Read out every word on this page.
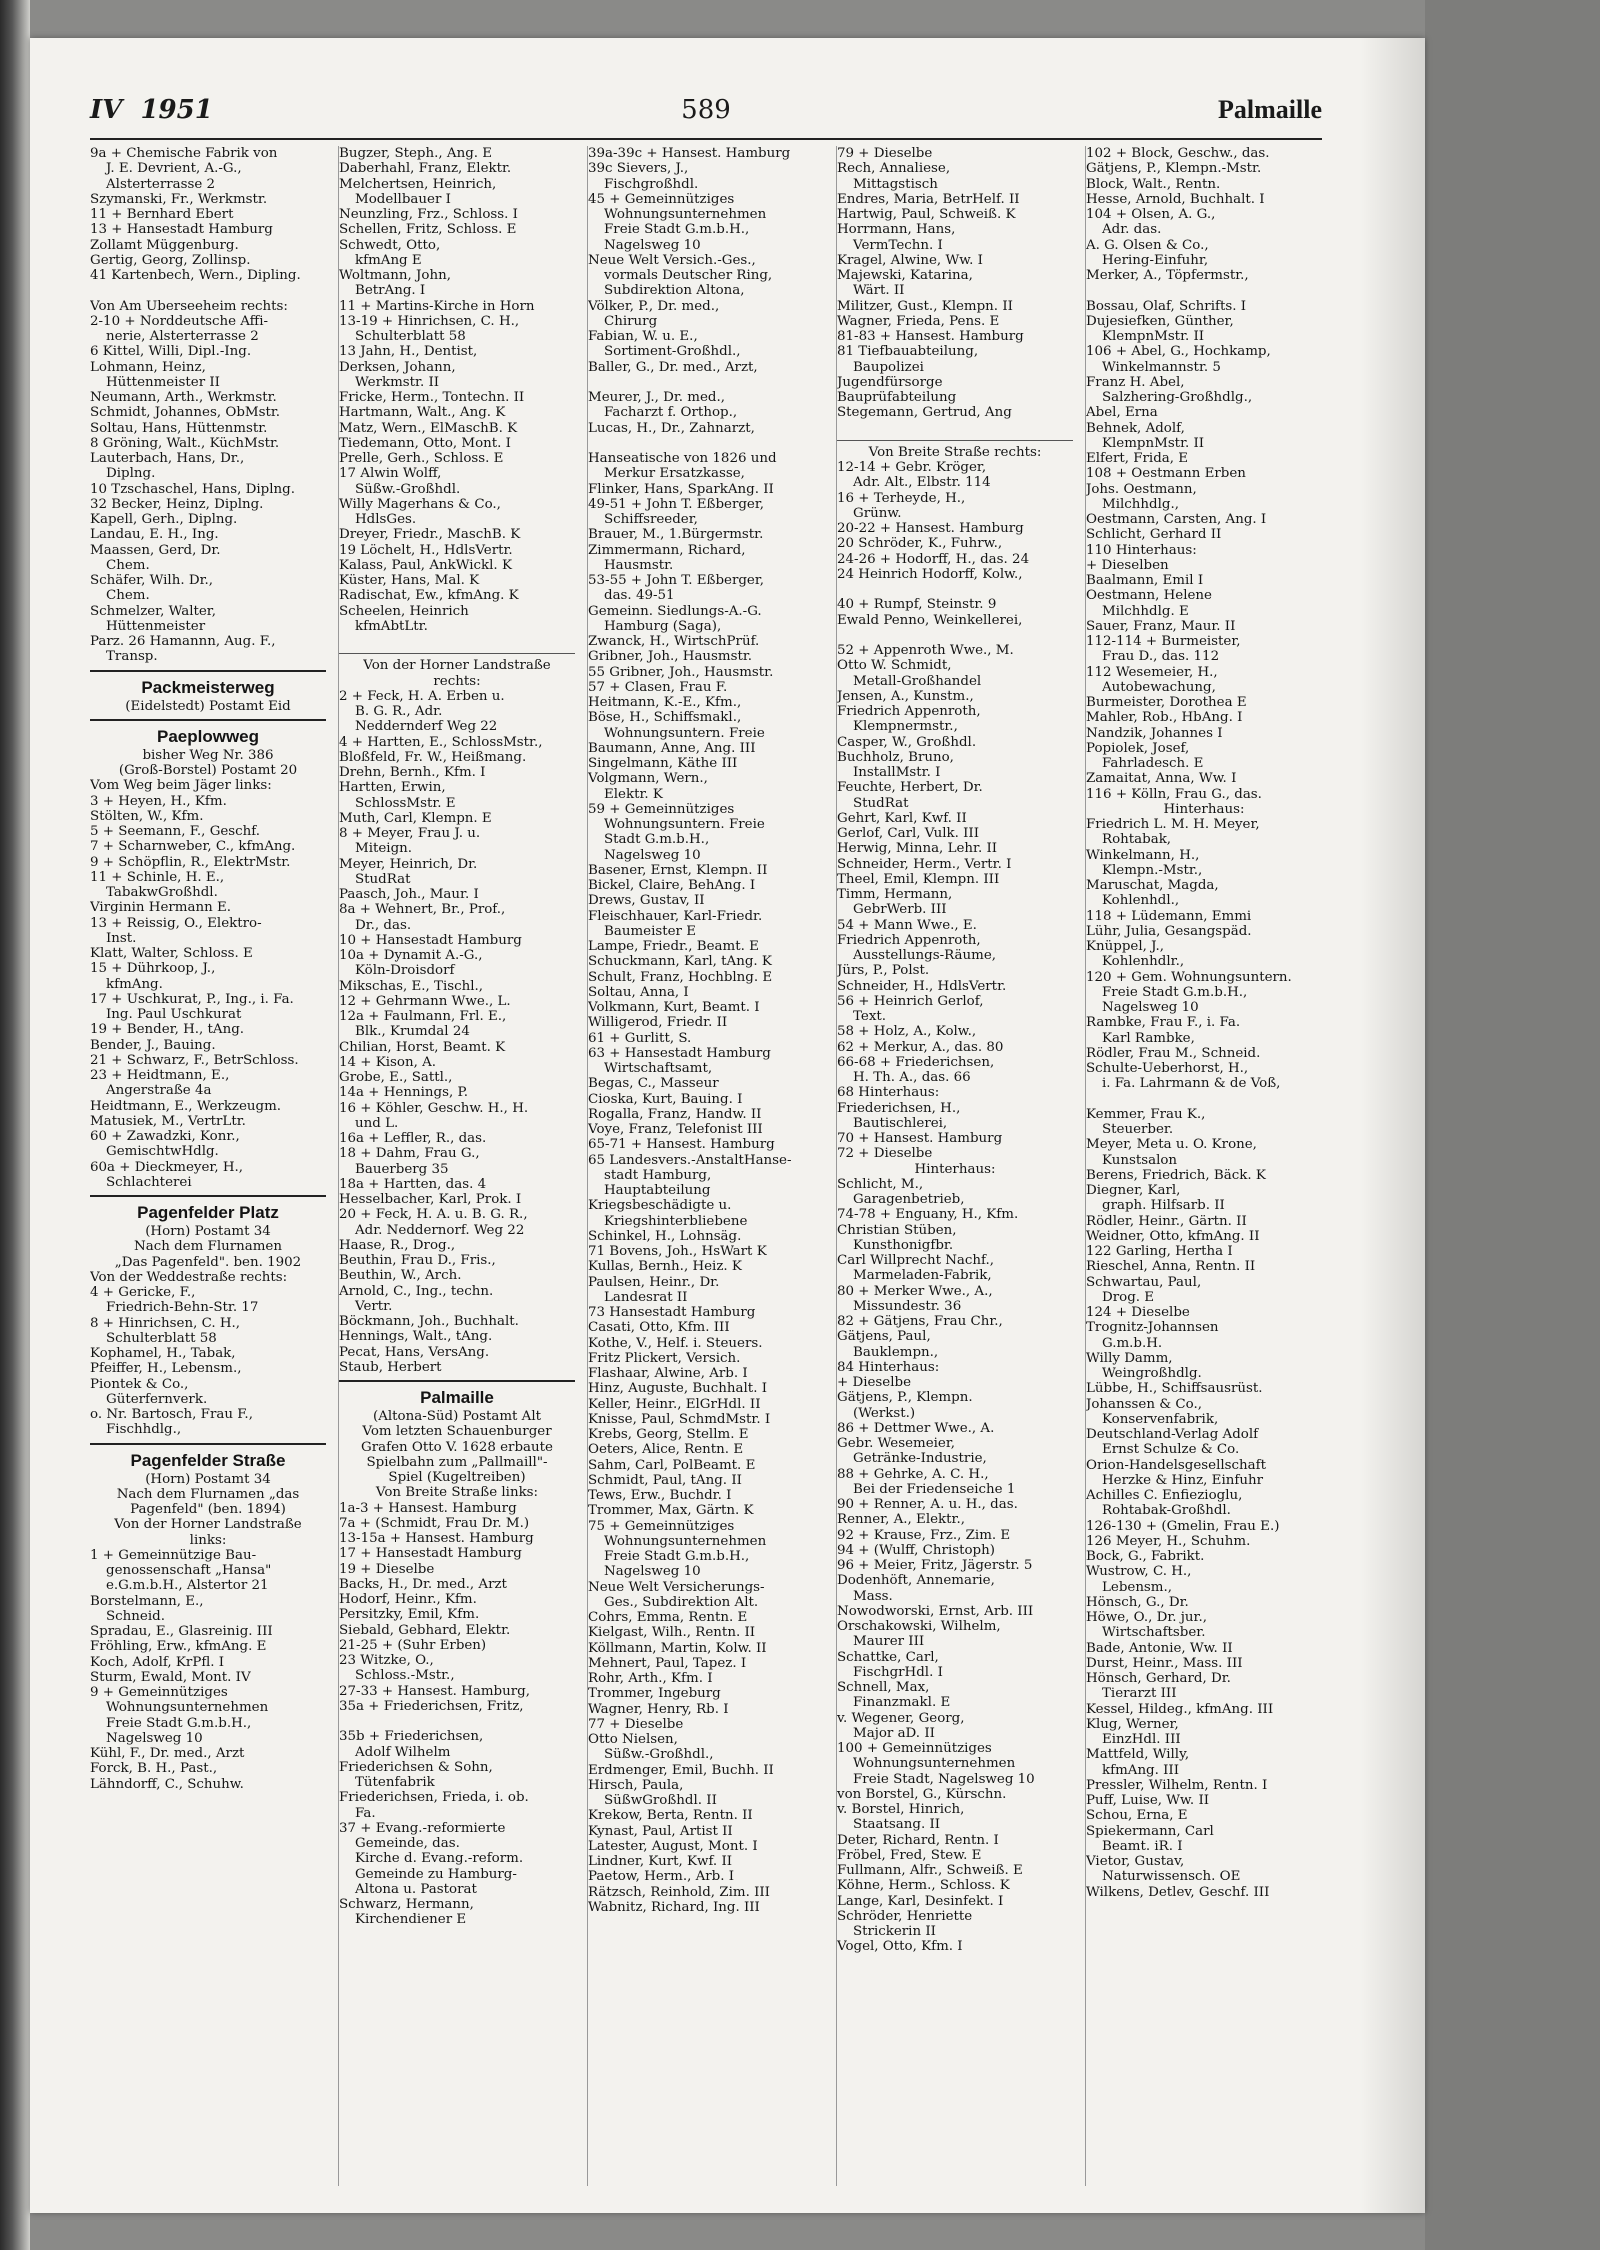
IV 1951	589	Palmaille
9a + Chemische Fabrik von
J. E. Devrient, A.-G.,
Alsterterrasse 2
Szymanski, Fr., Werkmstr.
11 + Bernhard Ebert
13 + Hansestadt Hamburg
Zollamt Müggenburg.
Gertig, Georg, Zollinsp.
41 Kartenbech, Wern., Dipling.

Von Am Überseeheim rechts:
2-10 + Norddeutsche Affi-
nerie, Alsterterrasse 2
6 Kittel, Willi, Dipl.-Ing.
Lohmann, Heinz,
Hüttenmeister II
Neumann, Arth., Werkmstr.
Schmidt, Johannes, ObMstr.
Soltau, Hans, Hüttenmstr.
8 Gröning, Walt., KüchMstr.
Lauterbach, Hans, Dr.,
Diplng.
10 Tzschaschel, Hans, Diplng.
32 Becker, Heinz, Diplng.
Kapell, Gerh., Diplng.
Landau, E. H., Ing.
Maassen, Gerd, Dr.
Chem.
Schäfer, Wilh. Dr.,
Chem.
Schmelzer, Walter,
Hüttenmeister
Parz. 26 Hamannn, Aug. F.,
Transp.
Packmeisterweg
(Eidelstedt) Postamt Eid
Paeplowweg
bisher Weg Nr. 386
(Groß-Borstel) Postamt 20
Vom Weg beim Jäger links:
3 + Heyen, H., Kfm.
Stölten, W., Kfm.
5 + Seemann, F., Geschf.
7 + Scharnweber, C., kfmAng.
9 + Schöpflin, R., ElektrMstr.
11 + Schinle, H. E.,
TabakwGroßhdl.
Virginin Hermann E.
13 + Reissig, O., Elektro-
Inst.
Klatt, Walter, Schloss. E
15 + Dührkoop, J.,
kfmAng.
17 + Uschkurat, P., Ing., i. Fa.
Ing. Paul Uschkurat
19 + Bender, H., tAng.
Bender, J., Bauing.
21 + Schwarz, F., BetrSchloss.
23 + Heidtmann, E.,
Angerstraße 4a
Heidtmann, E., Werkzeugm.
Matusiek, M., VertrLtr.
60 + Zawadzki, Konr.,
GemischtwHdlg.
60a + Dieckmeyer, H.,
Schlachterei
Pagenfelder Platz
(Horn) Postamt 34
Nach dem Flurnamen
„Das Pagenfeld". ben. 1902
Von der Weddestraße rechts:
4 + Gericke, F.,
Friedrich-Behn-Str. 17
8 + Hinrichsen, C. H.,
Schulterblatt 58
Kophamel, H., Tabak,
Pfeiffer, H., Lebensm.,
Piontek & Co.,
Güterfernverk.
o. Nr. Bartosch, Frau F.,
Fischhdlg.,
Pagenfelder Straße
(Horn) Postamt 34
Nach dem Flurnamen „das
Pagenfeld" (ben. 1894)
Von der Horner Landstraße
links:
1 + Gemeinnützige Bau-
genossenschaft „Hansa"
e.G.m.b.H., Alstertor 21
Borstelmann, E.,
Schneid.
Spradau, E., Glasreinig. III
Fröhling, Erw., kfmAng. E
Koch, Adolf, KrPfl. I
Sturm, Ewald, Mont. IV
9 + Gemeinnütziges
Wohnungsunternehmen
Freie Stadt G.m.b.H.,
Nagelsweg 10
Kühl, F., Dr. med., Arzt
Forck, B. H., Past.,
Lähndorff, C., Schuhw.
Bugzer, Steph., Ang. E
Daberhahl, Franz, Elektr.
Melchertsen, Heinrich,
Modellbauer I
Neunzling, Frz., Schloss. I
Schellen, Fritz, Schloss. E
Schwedt, Otto,
kfmAng E
Woltmann, John,
BetrAng. I
11 + Martins-Kirche in Horn
13-19 + Hinrichsen, C. H.,
Schulterblatt 58
13 Jahn, H., Dentist,
Derksen, Johann,
Werkmstr. II
Fricke, Herm., Tontechn. II
Hartmann, Walt., Ang. K
Matz, Wern., ElMaschB. K
Tiedemann, Otto, Mont. I
Prelle, Gerh., Schloss. E
17 Alwin Wolff,
Süßw.-Großhdl.
Willy Magerhans & Co.,
HdlsGes.
Dreyer, Friedr., MaschB. K
19 Löchelt, H., HdlsVertr.
Kalass, Paul, AnkWickl. K
Küster, Hans, Mal. K
Radischat, Ew., kfmAng. K
Scheelen, Heinrich
kfmAbtLtr.

Von der Horner Landstraße
rechts:
2 + Feck, H. A. Erben u.
B. G. R., Adr.
Neddernderf Weg 22
4 + Hartten, E., SchlossMstr.,
Bloßfeld, Fr. W., Heißmang.
Drehn, Bernh., Kfm. I
Hartten, Erwin,
SchlossMstr. E
Muth, Carl, Klempn. E
8 + Meyer, Frau J. u.
Miteign.
Meyer, Heinrich, Dr.
StudRat
Paasch, Joh., Maur. I
8a + Wehnert, Br., Prof.,
Dr., das.
10 + Hansestadt Hamburg
10a + Dynamit A.-G.,
Köln-Droisdorf
Mikschas, E., Tischl.,
12 + Gehrmann Wwe., L.
12a + Faulmann, Frl. E.,
Blk., Krumdal 24
Chilian, Horst, Beamt. K
14 + Kison, A.
Grobe, E., Sattl.,
14a + Hennings, P.
16 + Köhler, Geschw. H., H.
und L.
16a + Leffler, R., das.
18 + Dahm, Frau G.,
Bauerberg 35
18a + Hartten, das. 4
Hesselbacher, Karl, Prok. I
20 + Feck, H. A. u. B. G. R.,
Adr. Neddernorf. Weg 22
Haase, R., Drog.,
Beuthin, Frau D., Fris.,
Beuthin, W., Arch.
Arnold, C., Ing., techn.
Vertr.
Böckmann, Joh., Buchhalt.
Hennings, Walt., tAng.
Pecat, Hans, VersAng.
Staub, Herbert
Palmaille
(Altona-Süd) Postamt Alt
Vom letzten Schauenburger
Grafen Otto V. 1628 erbaute
Spielbahn zum „Pallmaill"-
Spiel (Kugeltreiben)
Von Breite Straße links:
1a-3 + Hansest. Hamburg
7a + (Schmidt, Frau Dr. M.)
13-15a + Hansest. Hamburg
17 + Hansestadt Hamburg
19 + Dieselbe
Backs, H., Dr. med., Arzt
Hodorf, Heinr., Kfm.
Persitzky, Emil, Kfm.
Siebald, Gebhard, Elektr.
21-25 + (Suhr Erben)
23 Witzke, O.,
Schloss.-Mstr.,
27-33 + Hansest. Hamburg,
35a + Friederichsen, Fritz,

35b + Friederichsen,
Adolf Wilhelm
Friederichsen & Sohn,
Tütenfabrik
Friederichsen, Frieda, i. ob.
Fa.
37 + Evang.-reformierte
Gemeinde, das.
Kirche d. Evang.-reform.
Gemeinde zu Hamburg-
Altona u. Pastorat
Schwarz, Hermann,
Kirchendiener E
39a-39c + Hansest. Hamburg
39c Sievers, J.,
Fischgroßhdl.
45 + Gemeinnütziges
Wohnungsunternehmen
Freie Stadt G.m.b.H.,
Nagelsweg 10
Neue Welt Versich.-Ges.,
vormals Deutscher Ring,
Subdirektion Altona,
Völker, P., Dr. med.,
Chirurg
Fabian, W. u. E.,
Sortiment-Großhdl.,
Baller, G., Dr. med., Arzt,

Meurer, J., Dr. med.,
Facharzt f. Orthop.,
Lucas, H., Dr., Zahnarzt,

Hanseatische von 1826 und
Merkur Ersatzkasse,
Flinker, Hans, SparkAng. II
49-51 + John T. Eßberger,
Schiffsreeder,
Brauer, M., 1.Bürgermstr.
Zimmermann, Richard,
Hausmstr.
53-55 + John T. Eßberger,
das. 49-51
Gemeinn. Siedlungs-A.-G.
Hamburg (Saga),
Zwanck, H., WirtschPrüf.
Gribner, Joh., Hausmstr.
55 Gribner, Joh., Hausmstr.
57 + Clasen, Frau F.
Heitmann, K.-E., Kfm.,
Böse, H., Schiffsmakl.,
Wohnungsuntern. Freie
Baumann, Anne, Ang. III
Singelmann, Käthe III
Volgmann, Wern.,
Elektr. K
59 + Gemeinnütziges
Wohnungsuntern. Freie
Stadt G.m.b.H.,
Nagelsweg 10
Basener, Ernst, Klempn. II
Bickel, Claire, BehAng. I
Drews, Gustav, II
Fleischhauer, Karl-Friedr.
Baumeister E
Lampe, Friedr., Beamt. E
Schuckmann, Karl, tAng. K
Schult, Franz, Hochblng. E
Soltau, Anna, I
Volkmann, Kurt, Beamt. I
Willigerod, Friedr. II
61 + Gurlitt, S.
63 + Hansestadt Hamburg
Wirtschaftsamt,
Begas, C., Masseur
Cioska, Kurt, Bauing. I
Rogalla, Franz, Handw. II
Voye, Franz, Telefonist III
65-71 + Hansest. Hamburg
65 Landesvers.-AnstaltHanse-
stadt Hamburg,
Hauptabteilung
Kriegsbeschädigte u.
Kriegshinterbliebene
Schinkel, H., Lohnsäg.
71 Bovens, Joh., HsWart K
Kullas, Bernh., Heiz. K
Paulsen, Heinr., Dr.
Landesrat II
73 Hansestadt Hamburg
Casati, Otto, Kfm. III
Kothe, V., Helf. i. Steuers.
Fritz Plickert, Versich.
Flashaar, Alwine, Arb. I
Hinz, Auguste, Buchhalt. I
Keller, Heinr., ElGrHdl. II
Knisse, Paul, SchmdMstr. I
Krebs, Georg, Stellm. E
Oeters, Alice, Rentn. E
Sahm, Carl, PolBeamt. E
Schmidt, Paul, tAng. II
Tews, Erw., Buchdr. I
Trommer, Max, Gärtn. K
75 + Gemeinnütziges
Wohnungsunternehmen
Freie Stadt G.m.b.H.,
Nagelsweg 10
Neue Welt Versicherungs-
Ges., Subdirektion Alt.
Cohrs, Emma, Rentn. E
Kielgast, Wilh., Rentn. II
Köllmann, Martin, Kolw. II
Mehnert, Paul, Tapez. I
Rohr, Arth., Kfm. I
Trommer, Ingeburg
Wagner, Henry, Rb. I
77 + Dieselbe
Otto Nielsen,
Süßw.-Großhdl.,
Erdmenger, Emil, Buchh. II
Hirsch, Paula,
SüßwGroßhdl. II
Krekow, Berta, Rentn. II
Kynast, Paul, Artist II
Latester, August, Mont. I
Lindner, Kurt, Kwf. II
Paetow, Herm., Arb. I
Rätzsch, Reinhold, Zim. III
Wabnitz, Richard, Ing. III
79 + Dieselbe
Rech, Annaliese,
Mittagstisch
Endres, Maria, BetrHelf. II
Hartwig, Paul, Schweiß. K
Horrmann, Hans,
VermTechn. I
Kragel, Alwine, Ww. I
Majewski, Katarina,
Wärt. II
Militzer, Gust., Klempn. II
Wagner, Frieda, Pens. E
81-83 + Hansest. Hamburg
81 Tiefbauabteilung,
Baupolizei
Jugendfürsorge
Bauprüfabteilung
Stegemann, Gertrud, Ang

Von Breite Straße rechts:
12-14 + Gebr. Kröger,
Adr. Alt., Elbstr. 114
16 + Terheyde, H.,
Grünw.
20-22 + Hansest. Hamburg
20 Schröder, K., Fuhrw.,
24-26 + Hodorff, H., das. 24
24 Heinrich Hodorff, Kolw.,

40 + Rumpf, Steinstr. 9
Ewald Penno, Weinkellerei,

52 + Appenroth Wwe., M.
Otto W. Schmidt,
Metall-Großhandel
Jensen, A., Kunstm.,
Friedrich Appenroth,
Klempnermstr.,
Casper, W., Großhdl.
Buchholz, Bruno,
InstallMstr. I
Feuchte, Herbert, Dr.
StudRat
Gehrt, Karl, Kwf. II
Gerlof, Carl, Vulk. III
Herwig, Minna, Lehr. II
Schneider, Herm., Vertr. I
Theel, Emil, Klempn. III
Timm, Hermann,
GebrWerb. III
54 + Mann Wwe., E.
Friedrich Appenroth,
Ausstellungs-Räume,
Jürs, P., Polst.
Schneider, H., HdlsVertr.
56 + Heinrich Gerlof,
Text.
58 + Holz, A., Kolw.,
62 + Merkur, A., das. 80
66-68 + Friederichsen,
H. Th. A., das. 66
68 Hinterhaus:
Friederichsen, H.,
Bautischlerei,
70 + Hansest. Hamburg
72 + Dieselbe
Hinterhaus:
Schlicht, M.,
Garagenbetrieb,
74-78 + Enguany, H., Kfm.
Christian Stüben,
Kunsthonigfbr.
Carl Willprecht Nachf.,
Marmeladen-Fabrik,
80 + Merker Wwe., A.,
Missundestr. 36
82 + Gätjens, Frau Chr.,
Gätjens, Paul,
Bauklempn.,
84 Hinterhaus:
+ Dieselbe
Gätjens, P., Klempn.
(Werkst.)
86 + Dettmer Wwe., A.
Gebr. Wesemeier,
Getränke-Industrie,
88 + Gehrke, A. C. H.,
Bei der Friedenseiche 1
90 + Renner, A. u. H., das.
Renner, A., Elektr.,
92 + Krause, Frz., Zim. E
94 + (Wulff, Christoph)
96 + Meier, Fritz, Jägerstr. 5
Dodenhöft, Annemarie,
Mass.
Nowodworski, Ernst, Arb. III
Orschakowski, Wilhelm,
Maurer III
Schattke, Carl,
FischgrHdl. I
Schnell, Max,
Finanzmakl. E
v. Wegener, Georg,
Major aD. II
100 + Gemeinnütziges
Wohnungsunternehmen
Freie Stadt, Nagelsweg 10
von Borstel, G., Kürschn.
v. Borstel, Hinrich,
Staatsang. II
Deter, Richard, Rentn. I
Fröbel, Fred, Stew. E
Fullmann, Alfr., Schweiß. E
Köhne, Herm., Schloss. K
Lange, Karl, Desinfekt. I
Schröder, Henriette
Strickerin II
Vogel, Otto, Kfm. I
102 + Block, Geschw., das.
Gätjens, P., Klempn.-Mstr.
Block, Walt., Rentn.
Hesse, Arnold, Buchhalt. I
104 + Olsen, A. G.,
Adr. das.
A. G. Olsen & Co.,
Hering-Einfuhr,
Merker, A., Töpfermstr.,

Bossau, Olaf, Schrifts. I
Dujesiefken, Günther,
KlempnMstr. II
106 + Abel, G., Hochkamp,
Winkelmannstr. 5
Franz H. Abel,
Salzhering-Großhdlg.,
Abel, Erna
Behnek, Adolf,
KlempnMstr. II
Elfert, Frida, E
108 + Oestmann Erben
Johs. Oestmann,
Milchhdlg.,
Oestmann, Carsten, Ang. I
Schlicht, Gerhard II
110 Hinterhaus:
+ Dieselben
Baalmann, Emil I
Oestmann, Helene
Milchhdlg. E
Sauer, Franz, Maur. II
112-114 + Burmeister,
Frau D., das. 112
112 Wesemeier, H.,
Autobewachung,
Burmeister, Dorothea E
Mahler, Rob., HbAng. I
Nandzik, Johannes I
Popiolek, Josef,
Fahrladesch. E
Zamaitat, Anna, Ww. I
116 + Kölln, Frau G., das.
Hinterhaus:
Friedrich L. M. H. Meyer,
Rohtabak,
Winkelmann, H.,
Klempn.-Mstr.,
Maruschat, Magda,
Kohlenhdl.,
118 + Lüdemann, Emmi
Lühr, Julia, Gesangspäd.
Knüppel, J.,
Kohlenhdlr.,
120 + Gem. Wohnungsuntern.
Freie Stadt G.m.b.H.,
Nagelsweg 10
Rambke, Frau F., i. Fa.
Karl Rambke,
Rödler, Frau M., Schneid.
Schulte-Ueberhorst, H.,
i. Fa. Lahrmann & de Voß,

Kemmer, Frau K.,
Steuerber.
Meyer, Meta u. O. Krone,
Kunstsalon
Berens, Friedrich, Bäck. K
Diegner, Karl,
graph. Hilfsarb. II
Rödler, Heinr., Gärtn. II
Weidner, Otto, kfmAng. II
122 Garling, Hertha I
Rieschel, Anna, Rentn. II
Schwartau, Paul,
Drog. E
124 + Dieselbe
Trognitz-Johannsen
G.m.b.H.
Willy Damm,
Weingroßhdlg.
Lübbe, H., Schiffsausrüst.
Johanssen & Co.,
Konservenfabrik,
Deutschland-Verlag Adolf
Ernst Schulze & Co.
Orion-Handelsgesellschaft
Herzke & Hinz, Einfuhr
Achilles C. Enfiezioglu,
Rohtabak-Großhdl.
126-130 + (Gmelin, Frau E.)
126 Meyer, H., Schuhm.
Bock, G., Fabrikt.
Wustrow, C. H.,
Lebensm.,
Hönsch, G., Dr.
Höwe, O., Dr. jur.,
Wirtschaftsber.
Bade, Antonie, Ww. II
Durst, Heinr., Mass. III
Hönsch, Gerhard, Dr.
Tierarzt III
Kessel, Hildeg., kfmAng. III
Klug, Werner,
EinzHdl. III
Mattfeld, Willy,
kfmAng. III
Pressler, Wilhelm, Rentn. I
Puff, Luise, Ww. II
Schou, Erna, E
Spiekermann, Carl
Beamt. iR. I
Vietor, Gustav,
Naturwissensch. OE
Wilkens, Detlev, Geschf. III
